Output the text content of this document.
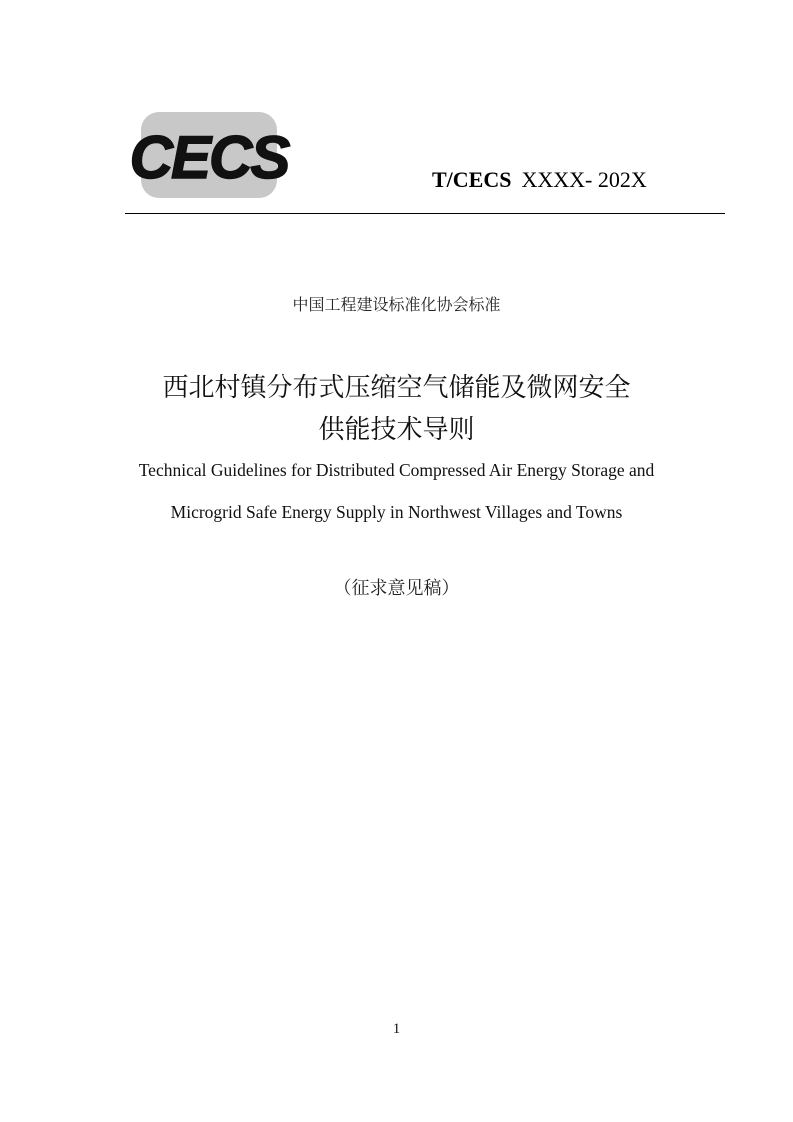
CECS	T/CECS XXXX- 202X
中国工程建设标准化协会标准
西北村镇分布式压缩空气储能及微网安全
供能技术导则
Technical Guidelines for Distributed Compressed Air Energy Storage and
Microgrid Safe Energy Supply in Northwest Villages and Towns
（征求意见稿）
1
